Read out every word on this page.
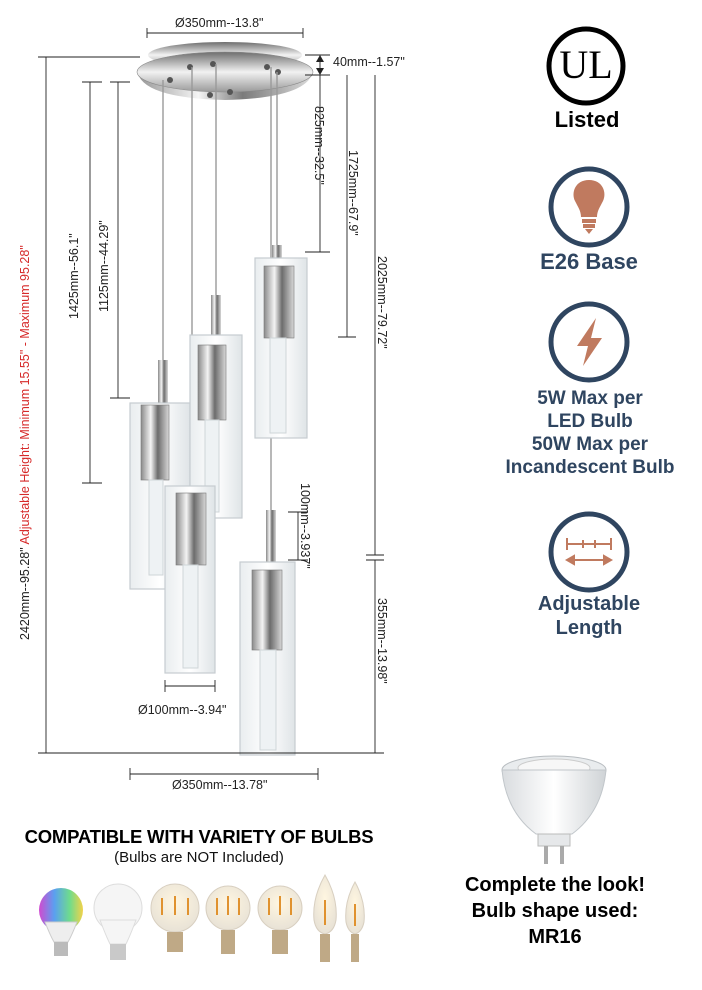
Ø350mm--13.8"
40mm--1.57"
825mm--32.5"
1725mm--67.9"
2025mm--79.72"
100mm--3.937"
355mm--13.98"
1425mm--56.1" 1125mm--44.29"
2420mm--95.28" Adjustable Height: Minimum 15.55" - Maximum 95.28"
Ø100mm--3.94"
Ø350mm--13.78"
UL
Listed
E26 Base
5W Max per
LED Bulb
50W Max per
Incandescent Bulb
Adjustable
Length
Complete the look!
Bulb shape used:
MR16
COMPATIBLE WITH VARIETY OF BULBS
(Bulbs are NOT Included)
